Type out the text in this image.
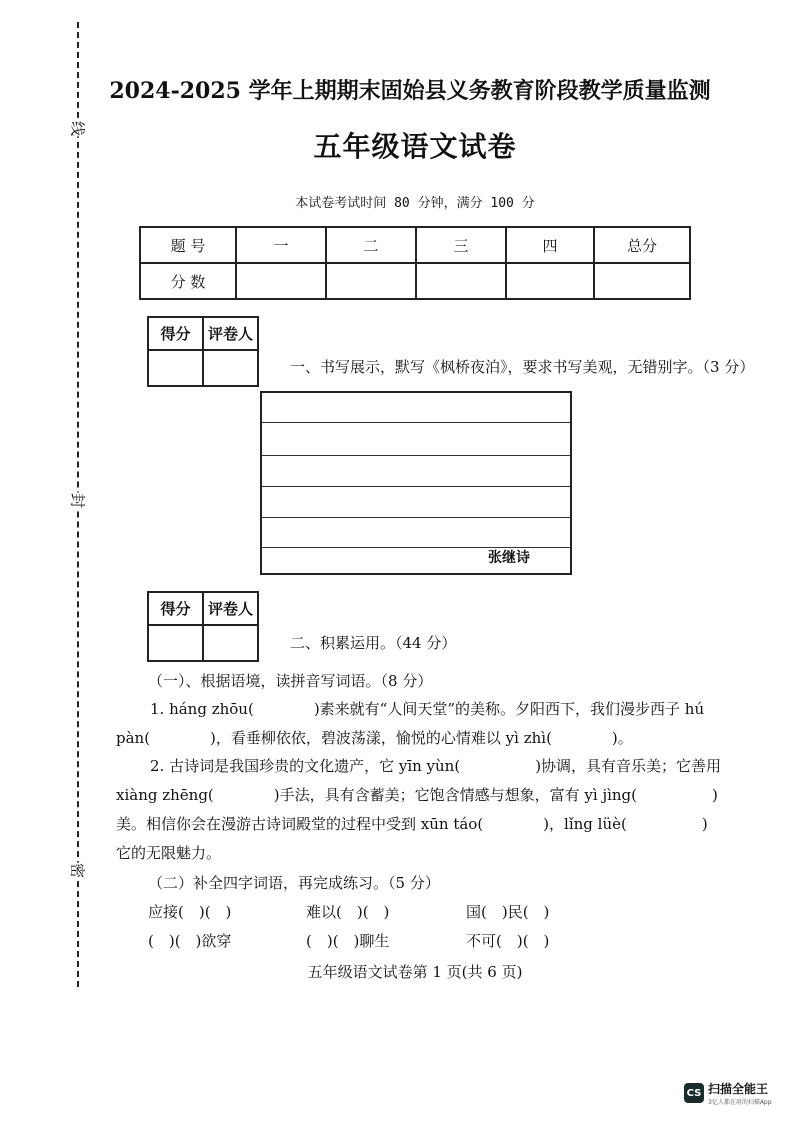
线
封
密
2024-2025 学年上期期末固始县义务教育阶段教学质量监测
五年级语文试卷
本试卷考试时间 80 分钟，满分 100 分
题 号	一	二	三	四	总分
分 数					
得分	评卷人

一、书写展示，默写《枫桥夜泊》，要求书写美观，无错别字。（3 分）
张继诗
得分	评卷人

二、积累运用。（44 分）
（一）、根据语境，读拼音写词语。（8 分）
1. háng zhōu(　　　　)素来就有“人间天堂”的美称。夕阳西下，我们漫步西子 hú
pàn(　　　　)，看垂柳依依，碧波荡漾，愉悦的心情难以 yì zhì(　　　　)。
2. 古诗词是我国珍贵的文化遗产，它 yīn yùn(　　　　　)协调，具有音乐美；它善用
xiàng zhēng(　　　　)手法，具有含蓄美；它饱含情感与想象，富有 yì jìng(　　　　　)
美。相信你会在漫游古诗词殿堂的过程中受到 xūn táo(　　　　)，lǐng lüè(　　　　　)
它的无限魅力。
（二）补全四字词语，再完成练习。（5 分）
应接(　)(　)	难以(　)(　)	国(　)民(　)
(　)(　)欲穿	(　)(　)聊生	不可(　)(　)
五年级语文试卷第 1 页(共 6 页)
CS 扫描全能王
3亿人都在用的扫描App
